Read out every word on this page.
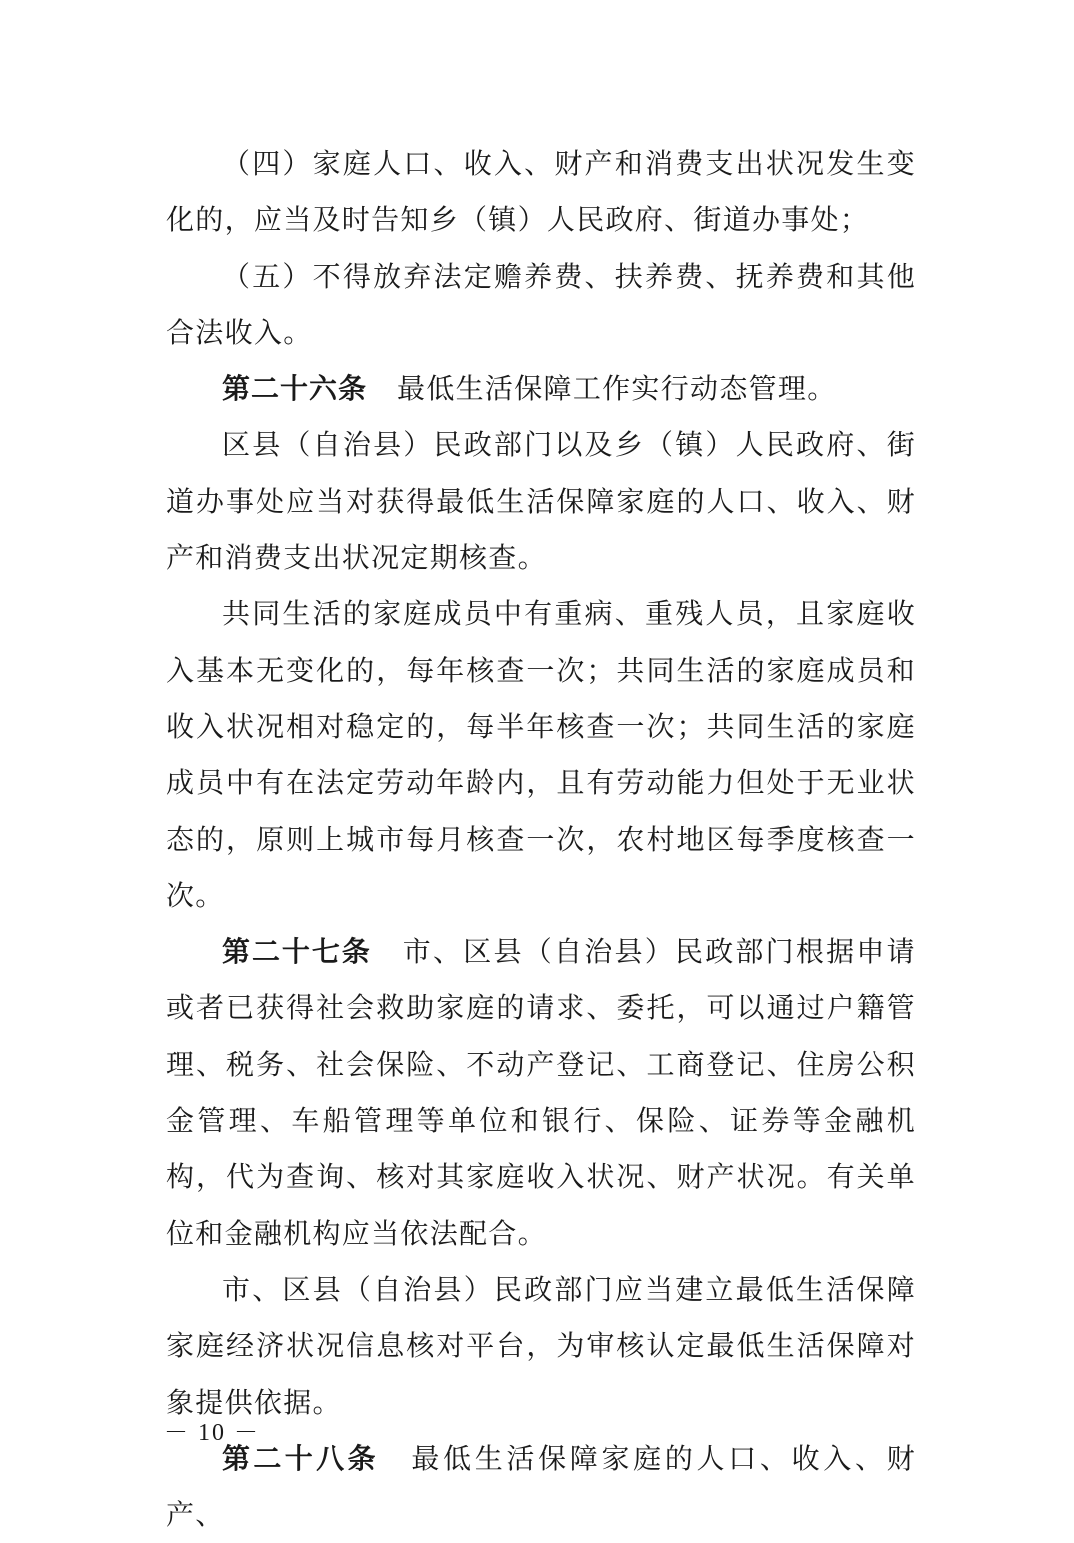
（四）家庭人口、收入、财产和消费支出状况发生变化的，应当及时告知乡（镇）人民政府、街道办事处；

（五）不得放弃法定赡养费、扶养费、抚养费和其他合法收入。

第二十六条 最低生活保障工作实行动态管理。

区县（自治县）民政部门以及乡（镇）人民政府、街道办事处应当对获得最低生活保障家庭的人口、收入、财产和消费支出状况定期核查。

共同生活的家庭成员中有重病、重残人员，且家庭收入基本无变化的，每年核查一次；共同生活的家庭成员和收入状况相对稳定的，每半年核查一次；共同生活的家庭成员中有在法定劳动年龄内，且有劳动能力但处于无业状态的，原则上城市每月核查一次，农村地区每季度核查一次。

第二十七条 市、区县（自治县）民政部门根据申请或者已获得社会救助家庭的请求、委托，可以通过户籍管理、税务、社会保险、不动产登记、工商登记、住房公积金管理、车船管理等单位和银行、保险、证券等金融机构，代为查询、核对其家庭收入状况、财产状况。有关单位和金融机构应当依法配合。

市、区县（自治县）民政部门应当建立最低生活保障家庭经济状况信息核对平台，为审核认定最低生活保障对象提供依据。

第二十八条 最低生活保障家庭的人口、收入、财产、

－ 10 －
